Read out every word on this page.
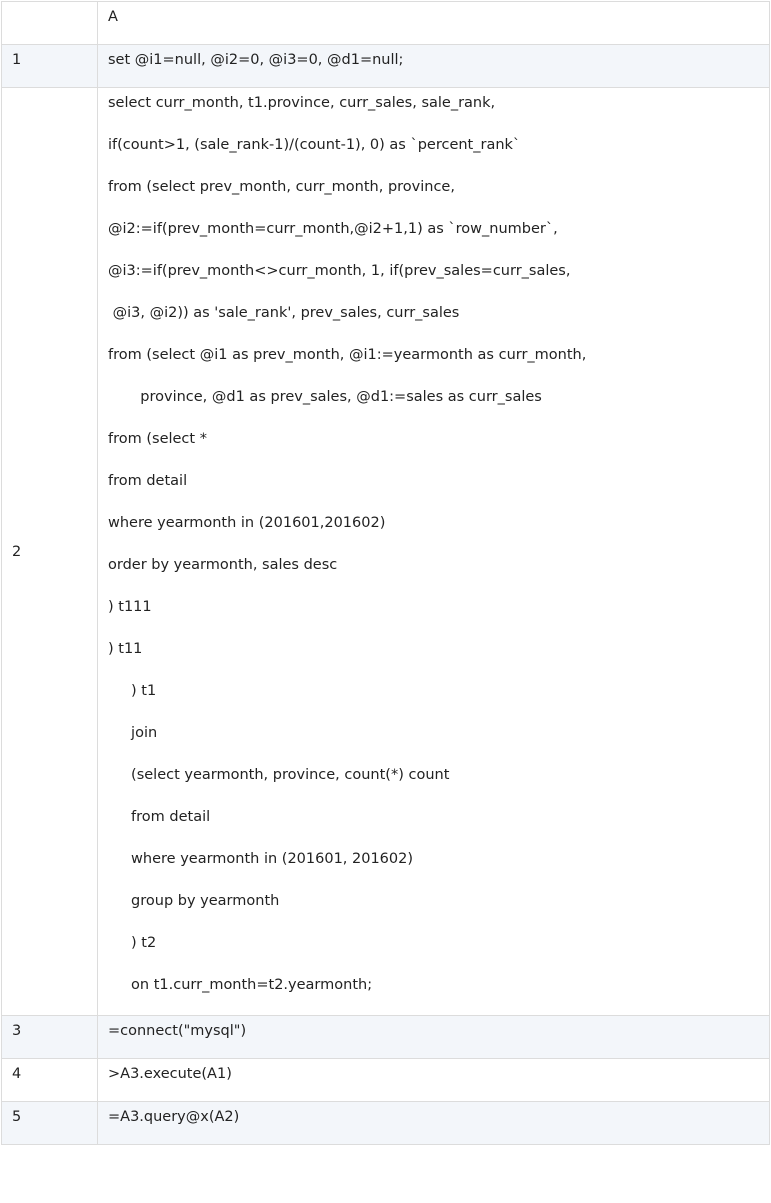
	A

1	set @i1=null, @i2=0, @i3=0, @d1=null;

2

select curr_month, t1.province, curr_sales, sale_rank,
if(count>1, (sale_rank-1)/(count-1), 0) as `percent_rank`
from (select prev_month, curr_month, province,
@i2:=if(prev_month=curr_month,@i2+1,1) as `row_number`,
@i3:=if(prev_month<>curr_month, 1, if(prev_sales=curr_sales,
@i3, @i2)) as 'sale_rank', prev_sales, curr_sales
from (select @i1 as prev_month, @i1:=yearmonth as curr_month,
province, @d1 as prev_sales, @d1:=sales as curr_sales
from (select *
from detail
where yearmonth in (201601,201602)
order by yearmonth, sales desc
) t111
) t11
) t1
join
(select yearmonth, province, count(*) count
from detail
where yearmonth in (201601, 201602)
group by yearmonth
) t2
on t1.curr_month=t2.yearmonth;

3	=connect("mysql")

4	>A3.execute(A1)

5	=A3.query@x(A2)
